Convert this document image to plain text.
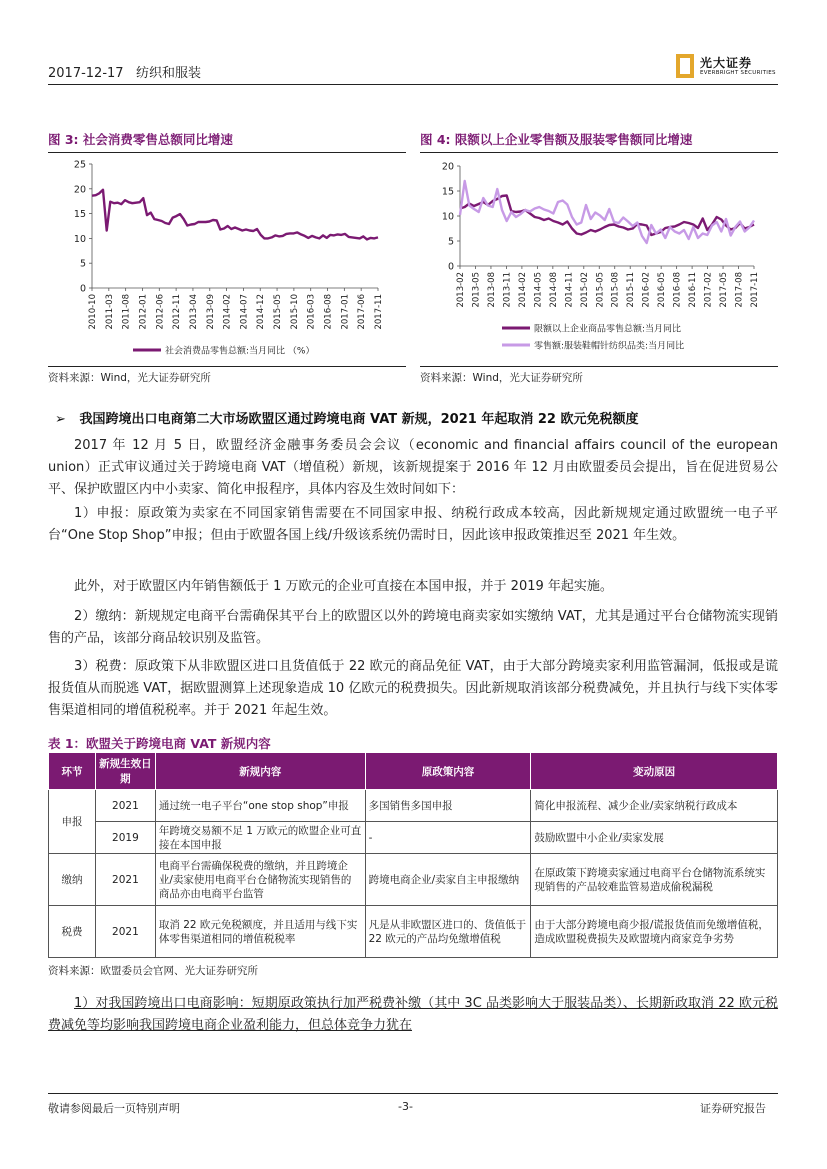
2017-12-17 纺织和服装
光大证券
EVERBRIGHT SECURITIES
图 3: 社会消费零售总额同比增速
0
5
10
15
20
25
2010-10 2011-03 2011-08 2012-01 2012-06 2012-11 2013-04 2013-09 2014-02 2014-07 2014-12 2015-05 2015-10 2016-03 2016-08 2017-01 2017-06 2017-11
社会消费品零售总额:当月同比 （%）
资料来源：Wind，光大证券研究所
图 4: 限额以上企业零售额及服装零售额同比增速
0
5
10
15
20
2013-02 2013-05 2013-08 2013-11 2014-02 2014-05 2014-08 2014-11 2015-02 2015-05 2015-08 2015-11 2016-02 2016-05 2016-08 2016-11 2017-02 2017-05 2017-08 2017-11
限额以上企业商品零售总额:当月同比
零售额:服装鞋帽针纺织品类:当月同比
资料来源：Wind，光大证券研究所
➢ 我国跨境出口电商第二大市场欧盟区通过跨境电商 VAT 新规，2021 年起取消 22 欧元免税额度
2017 年 12 月 5 日，欧盟经济金融事务委员会会议（economic and financial affairs council of the european union）正式审议通过关于跨境电商 VAT（增值税）新规，该新规提案于 2016 年 12 月由欧盟委员会提出，旨在促进贸易公平、保护欧盟区内中小卖家、简化申报程序，具体内容及生效时间如下：
1）申报：原政策为卖家在不同国家销售需要在不同国家申报、纳税行政成本较高，因此新规规定通过欧盟统一电子平台“One Stop Shop”申报；但由于欧盟各国上线/升级该系统仍需时日，因此该申报政策推迟至 2021 年生效。
此外，对于欧盟区内年销售额低于 1 万欧元的企业可直接在本国申报，并于 2019 年起实施。
2）缴纳：新规规定电商平台需确保其平台上的欧盟区以外的跨境电商卖家如实缴纳 VAT，尤其是通过平台仓储物流实现销售的产品，该部分商品较识别及监管。
3）税费：原政策下从非欧盟区进口且货值低于 22 欧元的商品免征 VAT，由于大部分跨境卖家利用监管漏洞，低报或是谎报货值从而脱逃 VAT，据欧盟测算上述现象造成 10 亿欧元的税费损失。因此新规取消该部分税费减免，并且执行与线下实体零售渠道相同的增值税税率。并于 2021 年起生效。
表 1：欧盟关于跨境电商 VAT 新规内容
环节	新规生效日期	新规内容	原政策内容	变动原因
申报	2021	通过统一电子平台“one stop shop”申报	多国销售多国申报	简化申报流程、减少企业/卖家纳税行政成本
	2019	年跨境交易额不足 1 万欧元的欧盟企业可直接在本国申报	-	鼓励欧盟中小企业/卖家发展
缴纳	2021	电商平台需确保税费的缴纳，并且跨境企业/卖家使用电商平台仓储物流实现销售的商品亦由电商平台监管	跨境电商企业/卖家自主申报缴纳	在原政策下跨境卖家通过电商平台仓储物流系统实现销售的产品较难监管易造成偷税漏税
税费	2021	取消 22 欧元免税额度，并且适用与线下实体零售渠道相同的增值税税率	凡是从非欧盟区进口的、货值低于 22 欧元的产品均免缴增值税	由于大部分跨境电商少报/谎报货值而免缴增值税，造成欧盟税费损失及欧盟境内商家竞争劣势
资料来源：欧盟委员会官网、光大证券研究所
1）对我国跨境出口电商影响：短期原政策执行加严税费补缴（其中 3C 品类影响大于服装品类）、长期新政取消 22 欧元税费减免等均影响我国跨境电商企业盈利能力，但总体竞争力犹在
敬请参阅最后一页特别声明	-3-	证券研究报告
